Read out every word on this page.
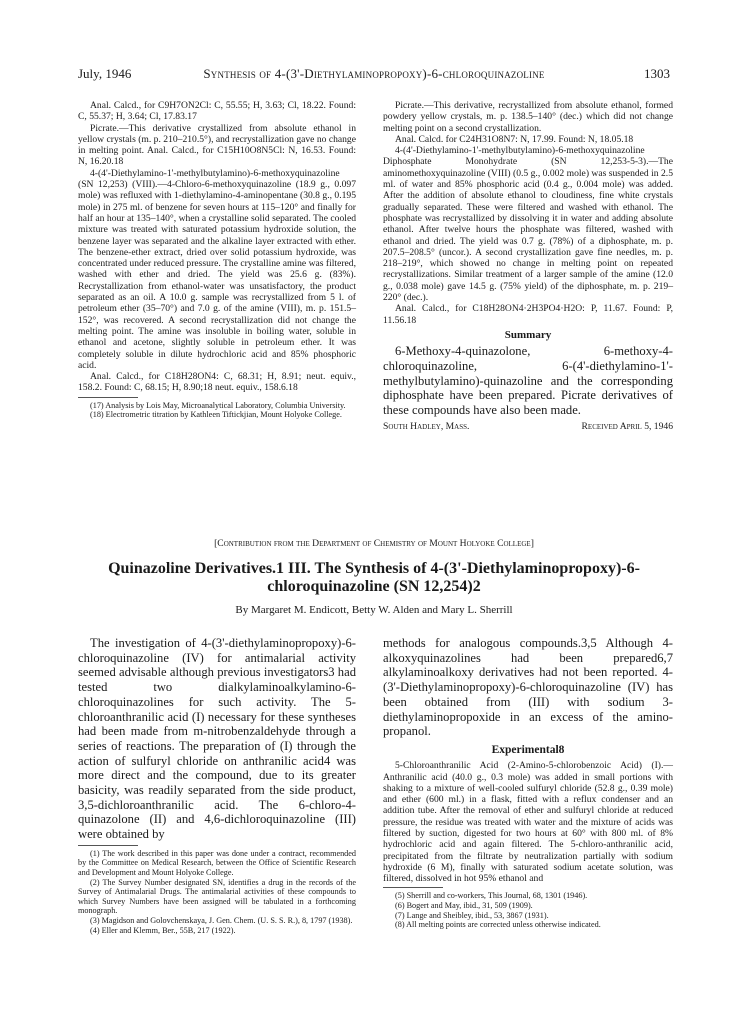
July, 1946	Synthesis of 4-(3'-Diethylaminopropoxy)-6-chloroquinazoline	1303

Anal. Calcd., for C9H7ON2Cl: C, 55.55; H, 3.63; Cl, 18.22. Found: C, 55.37; H, 3.64; Cl, 17.83.17

Picrate.—This derivative crystallized from absolute ethanol in yellow crystals (m. p. 210–210.5°), and recrystallization gave no change in melting point. Anal. Calcd., for C15H10O8N5Cl: N, 16.53. Found: N, 16.20.18

4-(4'-Diethylamino-1'-methylbutylamino)-6-methoxyquinazoline (SN 12,253) (VIII).—4-Chloro-6-methoxyquinazoline (18.9 g., 0.097 mole) was refluxed with 1-diethylamino-4-aminopentane (30.8 g., 0.195 mole) in 275 ml. of benzene for seven hours at 115–120° and finally for half an hour at 135–140°, when a crystalline solid separated. The cooled mixture was treated with saturated potassium hydroxide solution, the benzene layer was separated and the alkaline layer extracted with ether. The benzene-ether extract, dried over solid potassium hydroxide, was concentrated under reduced pressure. The crystalline amine was filtered, washed with ether and dried. The yield was 25.6 g. (83%). Recrystallization from ethanol-water was unsatisfactory, the product separated as an oil. A 10.0 g. sample was recrystallized from 5 l. of petroleum ether (35–70°) and 7.0 g. of the amine (VIII), m. p. 151.5–152°, was recovered. A second recrystallization did not change the melting point. The amine was insoluble in boiling water, soluble in ethanol and acetone, slightly soluble in petroleum ether. It was completely soluble in dilute hydrochloric acid and 85% phosphoric acid.

Anal. Calcd., for C18H28ON4: C, 68.31; H, 8.91; neut. equiv., 158.2. Found: C, 68.15; H, 8.90;18 neut. equiv., 158.6.18

(17) Analysis by Lois May, Microanalytical Laboratory, Columbia University.

(18) Electrometric titration by Kathleen Tiftickjian, Mount Holyoke College.

Picrate.—This derivative, recrystallized from absolute ethanol, formed powdery yellow crystals, m. p. 138.5–140° (dec.) which did not change melting point on a second crystallization.

Anal. Calcd. for C24H31O8N7: N, 17.99. Found: N, 18.05.18

4-(4'-Diethylamino-1'-methylbutylamino)-6-methoxyquinazoline Diphosphate Monohydrate (SN 12,253-5-3).—The aminomethoxyquinazoline (VIII) (0.5 g., 0.002 mole) was suspended in 2.5 ml. of water and 85% phosphoric acid (0.4 g., 0.004 mole) was added. After the addition of absolute ethanol to cloudiness, fine white crystals gradually separated. These were filtered and washed with ethanol. The phosphate was recrystallized by dissolving it in water and adding absolute ethanol. After twelve hours the phosphate was filtered, washed with ethanol and dried. The yield was 0.7 g. (78%) of a diphosphate, m. p. 207.5–208.5° (uncor.). A second crystallization gave fine needles, m. p. 218–219°, which showed no change in melting point on repeated recrystallizations. Similar treatment of a larger sample of the amine (12.0 g., 0.038 mole) gave 14.5 g. (75% yield) of the diphosphate, m. p. 219–220° (dec.).

Anal. Calcd., for C18H28ON4·2H3PO4·H2O: P, 11.67. Found: P, 11.56.18

Summary

6-Methoxy-4-quinazolone, 6-methoxy-4-chloroquinazoline, 6-(4'-diethylamino-1'-methylbutylamino)-quinazoline and the corresponding diphosphate have been prepared. Picrate derivatives of these compounds have also been made.

South Hadley, Mass.	Received April 5, 1946
[Contribution from the Department of Chemistry of Mount Holyoke College]
Quinazoline Derivatives.1 III. The Synthesis of 4-(3'-Diethylaminopropoxy)-6-
chloroquinazoline (SN 12,254)2
By Margaret M. Endicott, Betty W. Alden and Mary L. Sherrill

The investigation of 4-(3'-diethylaminopropoxy)-6-chloroquinazoline (IV) for antimalarial activity seemed advisable although previous investigators3 had tested two dialkylaminoalkylamino-6-chloroquinazolines for such activity. The 5-chloroanthranilic acid (I) necessary for these syntheses had been made from m-nitrobenzaldehyde through a series of reactions. The preparation of (I) through the action of sulfuryl chloride on anthranilic acid4 was more direct and the compound, due to its greater basicity, was readily separated from the side product, 3,5-dichloroanthranilic acid. The 6-chloro-4-quinazolone (II) and 4,6-dichloroquinazoline (III) were obtained by

(1) The work described in this paper was done under a contract, recommended by the Committee on Medical Research, between the Office of Scientific Research and Development and Mount Holyoke College.

(2) The Survey Number designated SN, identifies a drug in the records of the Survey of Antimalarial Drugs. The antimalarial activities of these compounds to which Survey Numbers have been assigned will be tabulated in a forthcoming monograph.

(3) Magidson and Golovchenskaya, J. Gen. Chem. (U. S. S. R.), 8, 1797 (1938).

(4) Eller and Klemm, Ber., 55B, 217 (1922).

methods for analogous compounds.3,5 Although 4-alkoxyquinazolines had been prepared6,7 alkylaminoalkoxy derivatives had not been reported. 4-(3'-Diethylaminopropoxy)-6-chloroquinazoline (IV) has been obtained from (III) with sodium 3-diethylaminopropoxide in an excess of the amino-propanol.

Experimental8

5-Chloroanthranilic Acid (2-Amino-5-chlorobenzoic Acid) (I).—Anthranilic acid (40.0 g., 0.3 mole) was added in small portions with shaking to a mixture of well-cooled sulfuryl chloride (52.8 g., 0.39 mole) and ether (600 ml.) in a flask, fitted with a reflux condenser and an addition tube. After the removal of ether and sulfuryl chloride at reduced pressure, the residue was treated with water and the mixture of acids was filtered by suction, digested for two hours at 60° with 800 ml. of 8% hydrochloric acid and again filtered. The 5-chloro-anthranilic acid, precipitated from the filtrate by neutralization partially with sodium hydroxide (6 M), finally with saturated sodium acetate solution, was filtered, dissolved in hot 95% ethanol and

(5) Sherrill and co-workers, This Journal, 68, 1301 (1946).

(6) Bogert and May, ibid., 31, 509 (1909).

(7) Lange and Sheibley, ibid., 53, 3867 (1931).

(8) All melting points are corrected unless otherwise indicated.
